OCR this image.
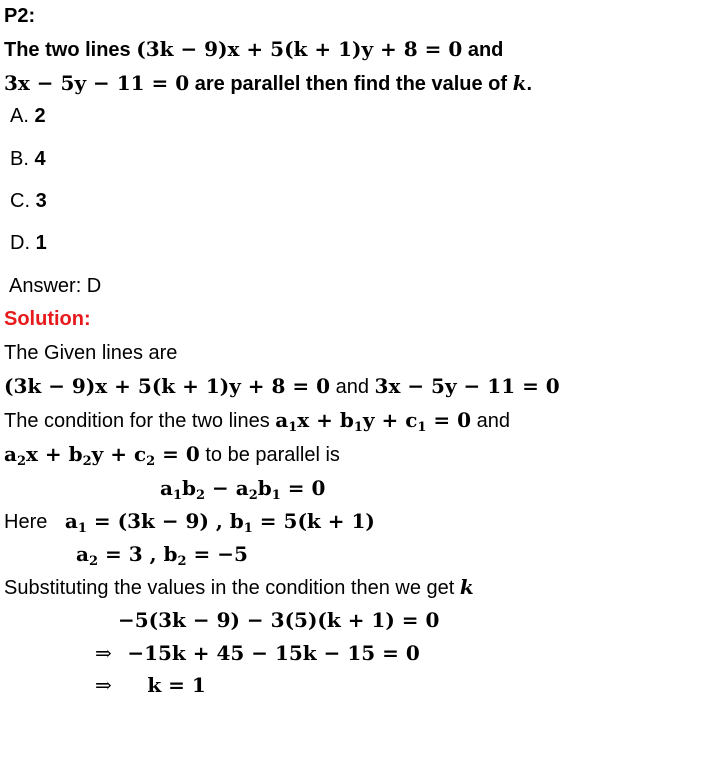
P2:
The two lines (3k − 9)x + 5(k + 1)y + 8 = 0 and
3x − 5y − 11 = 0 are parallel then find the value of k.
A. 2
B. 4
C. 3
D. 1
Answer: D
Solution:
The Given lines are
(3k − 9)x + 5(k + 1)y + 8 = 0 and 3x − 5y − 11 = 0
The condition for the two lines $a_1x + b_1y + c_1 = 0$ and
$a_2x + b_2y + c_2 = 0$ to be parallel is
$a_1b_2 - a_2b_1 = 0$
Here $a_1 = (3k - 9)$ , $b_1 = 5(k + 1)$
$a_2 = 3$ , $b_2 = -5$
Substituting the values in the condition then we get k
−5(3k − 9) − 3(5)(k + 1) = 0
⇒ −15k + 45 − 15k − 15 = 0
⇒ k = 1
